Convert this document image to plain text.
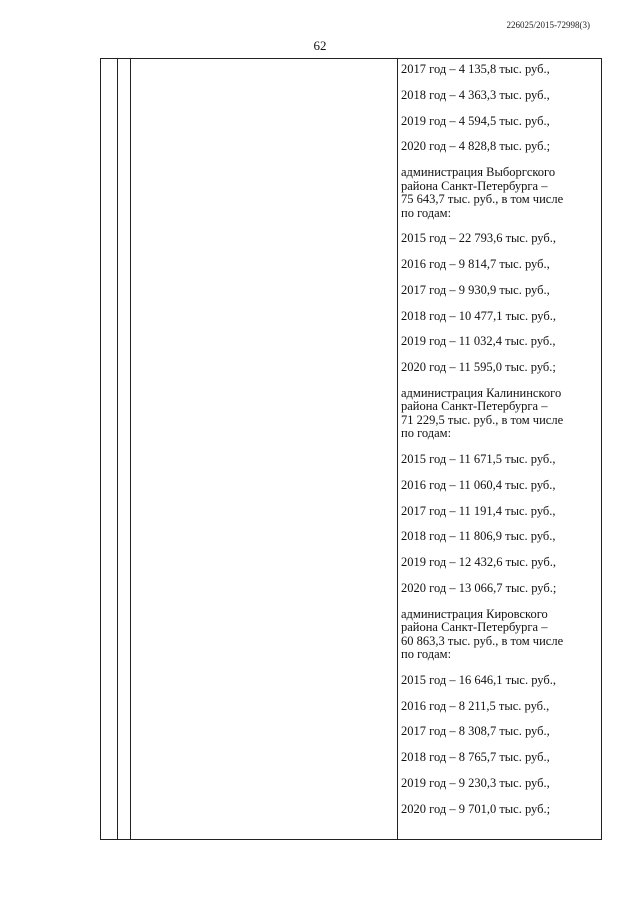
226025/2015-72998(3)
62

2017 год – 4 135,8 тыс. руб.,

2018 год – 4 363,3 тыс. руб.,

2019 год – 4 594,5 тыс. руб.,

2020 год – 4 828,8 тыс. руб.;

администрация Выборгского
района Санкт-Петербурга –
75 643,7 тыс. руб., в том числе
по годам:

2015 год – 22 793,6 тыс. руб.,

2016 год – 9 814,7 тыс. руб.,

2017 год – 9 930,9 тыс. руб.,

2018 год – 10 477,1 тыс. руб.,

2019 год – 11 032,4 тыс. руб.,

2020 год – 11 595,0 тыс. руб.;

администрация Калининского
района Санкт-Петербурга –
71 229,5 тыс. руб., в том числе
по годам:

2015 год – 11 671,5 тыс. руб.,

2016 год – 11 060,4 тыс. руб.,

2017 год – 11 191,4 тыс. руб.,

2018 год – 11 806,9 тыс. руб.,

2019 год – 12 432,6 тыс. руб.,

2020 год – 13 066,7 тыс. руб.;

администрация Кировского
района Санкт-Петербурга –
60 863,3 тыс. руб., в том числе
по годам:

2015 год – 16 646,1 тыс. руб.,

2016 год – 8 211,5 тыс. руб.,

2017 год – 8 308,7 тыс. руб.,

2018 год – 8 765,7 тыс. руб.,

2019 год – 9 230,3 тыс. руб.,

2020 год – 9 701,0 тыс. руб.;
